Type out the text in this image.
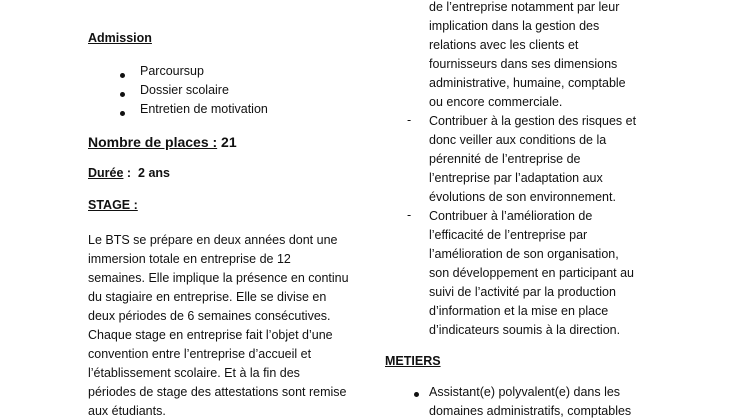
Admission
Parcoursup
Dossier scolaire
Entretien de motivation
Nombre de places : 21
Durée : 2 ans
STAGE :
Le BTS se prépare en deux années dont une
immersion totale en entreprise de 12
semaines. Elle implique la présence en continu
du stagiaire en entreprise. Elle se divise en
deux périodes de 6 semaines consécutives.
Chaque stage en entreprise fait l’objet d’une
convention entre l’entreprise d’accueil et
l’établissement scolaire. Et à la fin des
périodes de stage des attestations sont remise
aux étudiants.
de l’entreprise notamment par leur
implication dans la gestion des
relations avec les clients et
fournisseurs dans ses dimensions
administrative, humaine, comptable
ou encore commerciale.
- Contribuer à la gestion des risques et
donc veiller aux conditions de la
pérennité de l’entreprise de
l’entreprise par l’adaptation aux
évolutions de son environnement.
- Contribuer à l’amélioration de
l’efficacité de l’entreprise par
l’amélioration de son organisation,
son développement en participant au
suivi de l’activité par la production
d’information et la mise en place
d’indicateurs soumis à la direction.
METIERS
Assistant(e) polyvalent(e) dans les
domaines administratifs, comptables
